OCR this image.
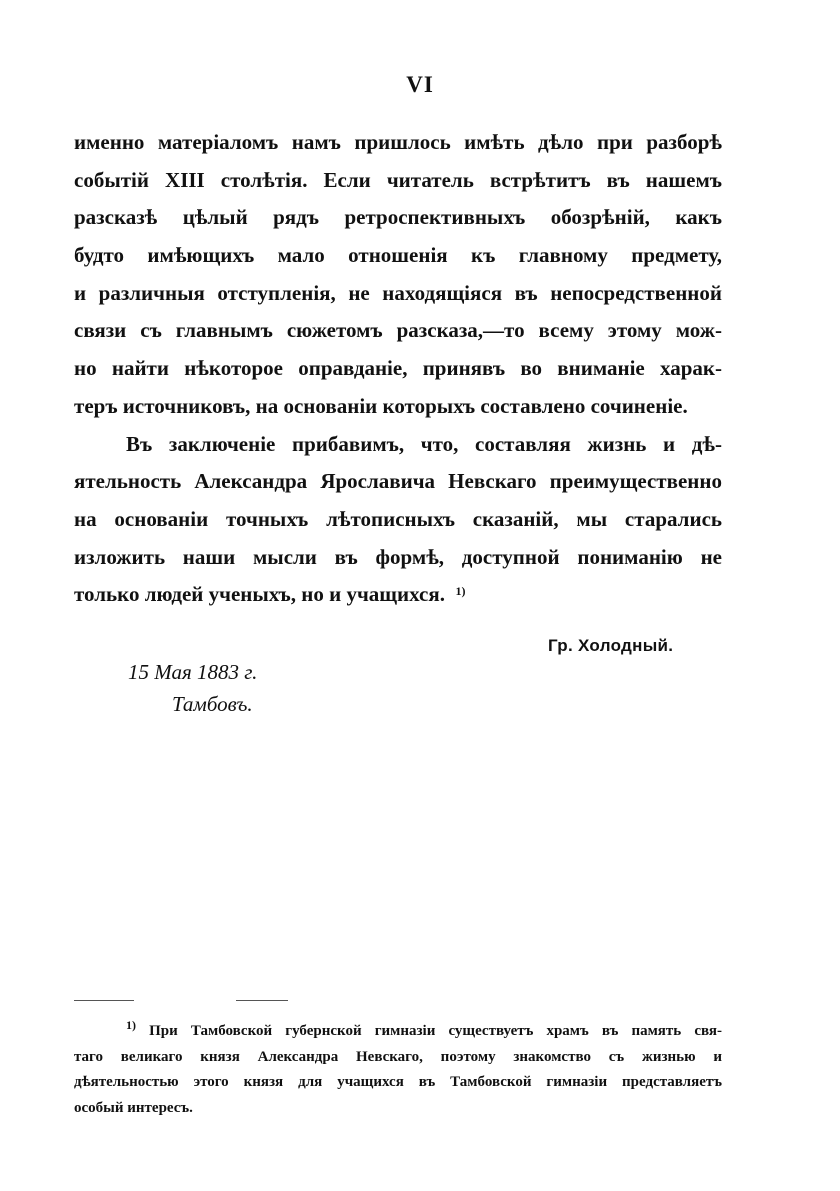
VI
именно матеріаломъ намъ пришлось имѣть дѣло при разборѣ
событій XIII столѣтія. Если читатель встрѣтитъ въ нашемъ
разсказѣ цѣлый рядъ ретроспективныхъ обозрѣній, какъ
будто имѣющихъ мало отношенія къ главному предмету,
и различныя отступленія, не находящіяся въ непосредственной
связи съ главнымъ сюжетомъ разсказа,—то всему этому мож-
но найти нѣкоторое оправданіе, принявъ во вниманіе харак-
теръ источниковъ, на основаніи которыхъ составлено сочиненіе.
Въ заключеніе прибавимъ, что, составляя жизнь и дѣ-
ятельность Александра Ярославича Невскаго преимущественно
на основаніи точныхъ лѣтописныхъ сказаній, мы старались
изложить наши мысли въ формѣ, доступной пониманію не
только людей ученыхъ, но и учащихся. $^{1)}$
Гр. Холодный.
15 Мая 1883 г.
Тамбовъ.
$^{1)}$ При Тамбовской губернской гимназіи существуетъ храмъ въ память свя-
таго великаго князя Александра Невскаго, поэтому знакомство съ жизнью и
дѣятельностью этого князя для учащихся въ Тамбовской гимназіи представляетъ
особый интересъ.
